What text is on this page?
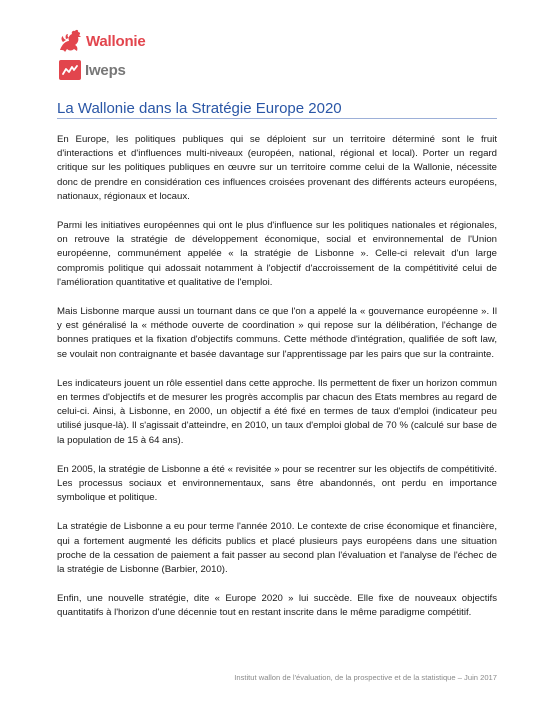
Wallonie
Iweps
La Wallonie dans la Stratégie Europe 2020

En Europe, les politiques publiques qui se déploient sur un territoire déterminé sont le fruit d'interactions et d'influences multi-niveaux (européen, national, régional et local). Porter un regard critique sur les politiques publiques en œuvre sur un territoire comme celui de la Wallonie, nécessite donc de prendre en considération ces influences croisées provenant des différents acteurs européens, nationaux, régionaux et locaux.

Parmi les initiatives européennes qui ont le plus d'influence sur les politiques nationales et régionales, on retrouve la stratégie de développement économique, social et environnemental de l'Union européenne, communément appelée « la stratégie de Lisbonne ». Celle-ci relevait d'un large compromis politique qui adossait notamment à l'objectif d'accroissement de la compétitivité celui de l'amélioration quantitative et qualitative de l'emploi.

Mais Lisbonne marque aussi un tournant dans ce que l'on a appelé la « gouvernance européenne ». Il y est généralisé la « méthode ouverte de coordination » qui repose sur la délibération, l'échange de bonnes pratiques et la fixation d'objectifs communs. Cette méthode d'intégration, qualifiée de soft law, se voulait non contraignante et basée davantage sur l'apprentissage par les pairs que sur la contrainte.

Les indicateurs jouent un rôle essentiel dans cette approche. Ils permettent de fixer un horizon commun en termes d'objectifs et de mesurer les progrès accomplis par chacun des Etats membres au regard de celui-ci. Ainsi, à Lisbonne, en 2000, un objectif a été fixé en termes de taux d'emploi (indicateur peu utilisé jusque-là). Il s'agissait d'atteindre, en 2010, un taux d'emploi global de 70 % (calculé sur base de la population de 15 à 64 ans).

En 2005, la stratégie de Lisbonne a été « revisitée » pour se recentrer sur les objectifs de compétitivité. Les processus sociaux et environnementaux, sans être abandonnés, ont perdu en importance symbolique et politique.

La stratégie de Lisbonne a eu pour terme l'année 2010. Le contexte de crise économique et financière, qui a fortement augmenté les déficits publics et placé plusieurs pays européens dans une situation proche de la cessation de paiement a fait passer au second plan l'évaluation et l'analyse de l'échec de la stratégie de Lisbonne (Barbier, 2010).

Enfin, une nouvelle stratégie, dite « Europe 2020 » lui succède. Elle fixe de nouveaux objectifs quantitatifs à l'horizon d'une décennie tout en restant inscrite dans le même paradigme compétitif.

Institut wallon de l'évaluation, de la prospective et de la statistique – Juin 2017
